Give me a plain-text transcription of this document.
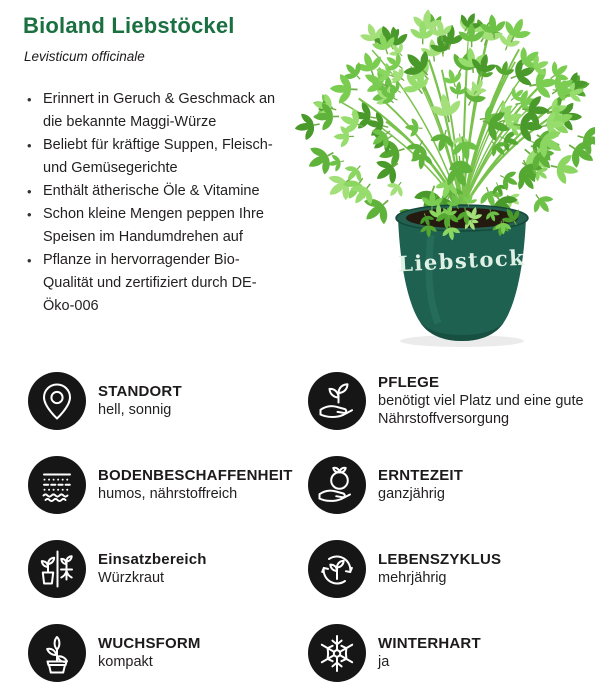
Bioland Liebstöckel
Levisticum officinale
• Erinnert in Geruch & Geschmack an die bekannte Maggi-Würze
• Beliebt für kräftige Suppen, Fleisch- und Gemüsegerichte
• Enthält ätherische Öle & Vitamine
• Schon kleine Mengen peppen Ihre Speisen im Handumdrehen auf
• Pflanze in hervorragender Bio-Qualität und zertifiziert durch DE-Öko-006
Liebstock
STANDORT
hell, sonnig
PFLEGE
benötigt viel Platz und eine gute Nährstoffversorgung
BODENBESCHAFFENHEIT
humos, nährstoffreich
ERNTEZEIT
ganzjährig
Einsatzbereich
Würzkraut
LEBENSZYKLUS
mehrjährig
WUCHSFORM
kompakt
WINTERHART
ja
